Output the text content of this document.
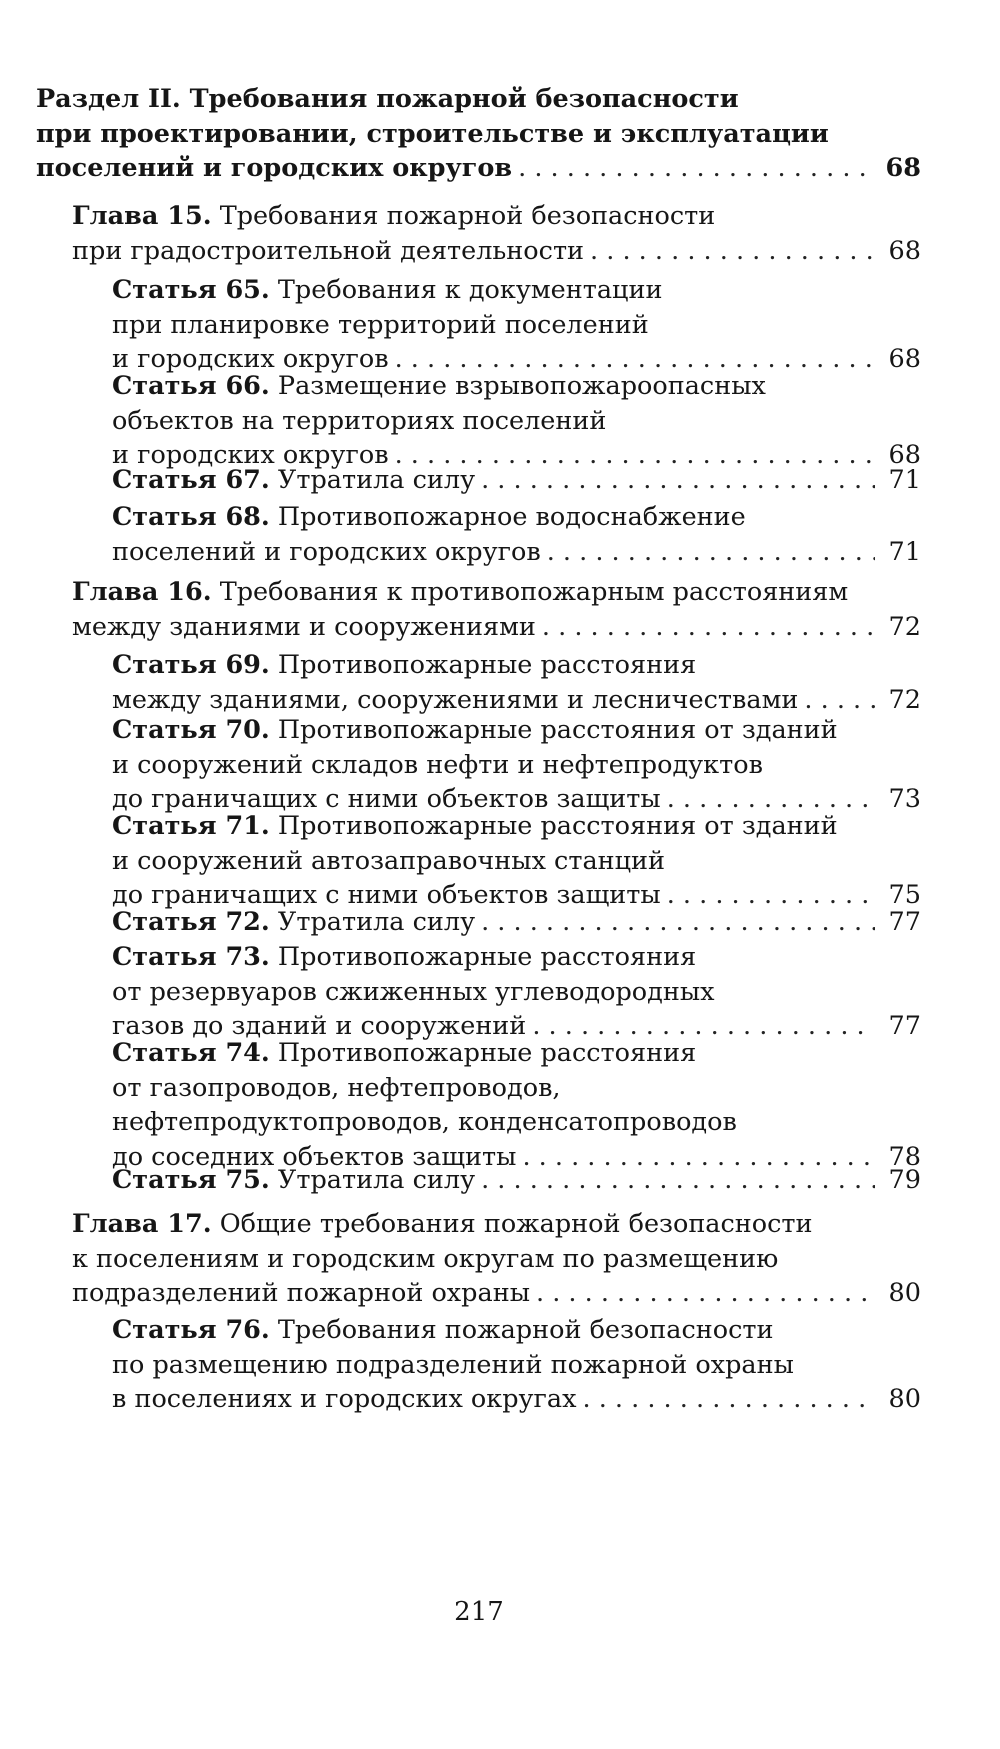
Раздел II. Требования пожарной безопасности
при проектировании, строительстве и эксплуатации
поселений и городских округов . . .	68
Глава 15. Требования пожарной безопасности
при градостроительной деятельности . . .	68
Статья 65. Требования к документации
при планировке территорий поселений
и городских округов . . .	68
Статья 66. Размещение взрывопожароопасных
объектов на территориях поселений
и городских округов . . .	68
Статья 67. Утратила силу . . .	71
Статья 68. Противопожарное водоснабжение
поселений и городских округов . . .	71
Глава 16. Требования к противопожарным расстояниям
между зданиями и сооружениями . . .	72
Статья 69. Противопожарные расстояния
между зданиями, сооружениями и лесничествами . . .	72
Статья 70. Противопожарные расстояния от зданий
и сооружений складов нефти и нефтепродуктов
до граничащих с ними объектов защиты . . .	73
Статья 71. Противопожарные расстояния от зданий
и сооружений автозаправочных станций
до граничащих с ними объектов защиты . . .	75
Статья 72. Утратила силу . . .	77
Статья 73. Противопожарные расстояния
от резервуаров сжиженных углеводородных
газов до зданий и сооружений . . .	77
Статья 74. Противопожарные расстояния
от газопроводов, нефтепроводов,
нефтепродуктопроводов, конденсатопроводов
до соседних объектов защиты . . .	78
Статья 75. Утратила силу . . .	79
Глава 17. Общие требования пожарной безопасности
к поселениям и городским округам по размещению
подразделений пожарной охраны . . .	80
Статья 76. Требования пожарной безопасности
по размещению подразделений пожарной охраны
в поселениях и городских округах . . .	80
217
